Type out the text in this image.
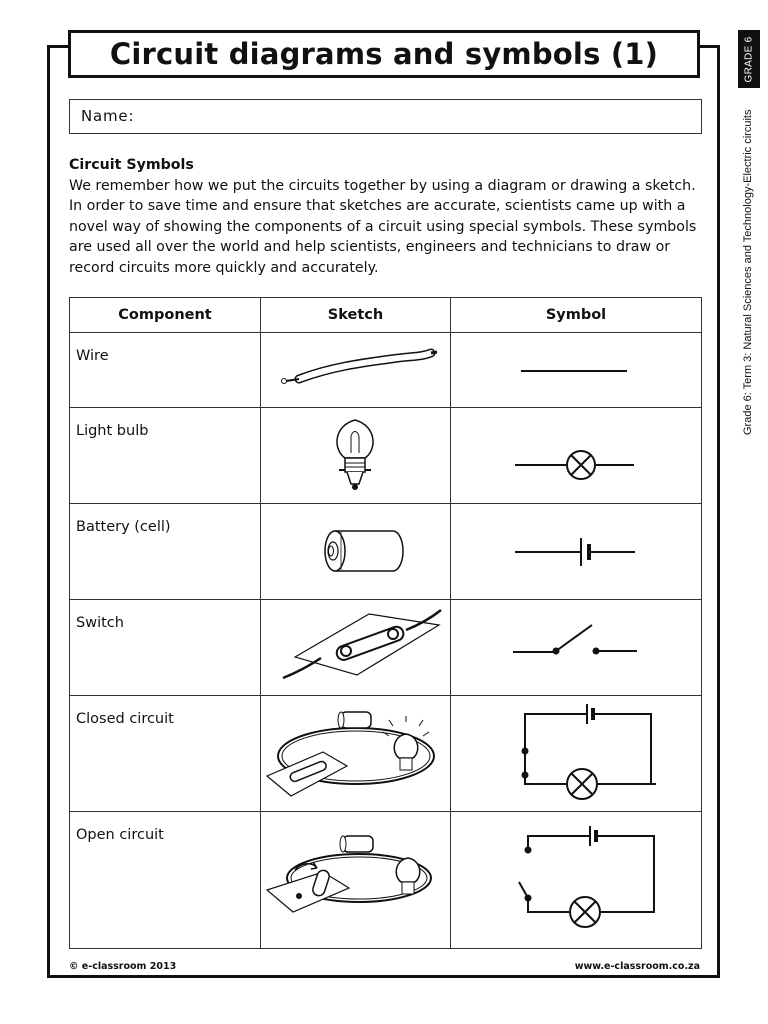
Circuit diagrams and symbols (1)	GRADE 6
Grade 6: Term 3: Natural Sciences and Technology-Electric circuits
Name:
Circuit Symbols
We remember how we put the circuits together by using a diagram or drawing a sketch. In order to save time and ensure that sketches are accurate, scientists came up with a novel way of showing the components of a circuit using special symbols. These symbols are used all over the world and help scientists, engineers and technicians to draw or record circuits more quickly and accurately.
Component	Sketch	Symbol
Wire	

Light bulb	

Battery (cell)	

Switch	

Closed circuit	

Open circuit	

© e-classroom 2013	www.e-classroom.co.za
